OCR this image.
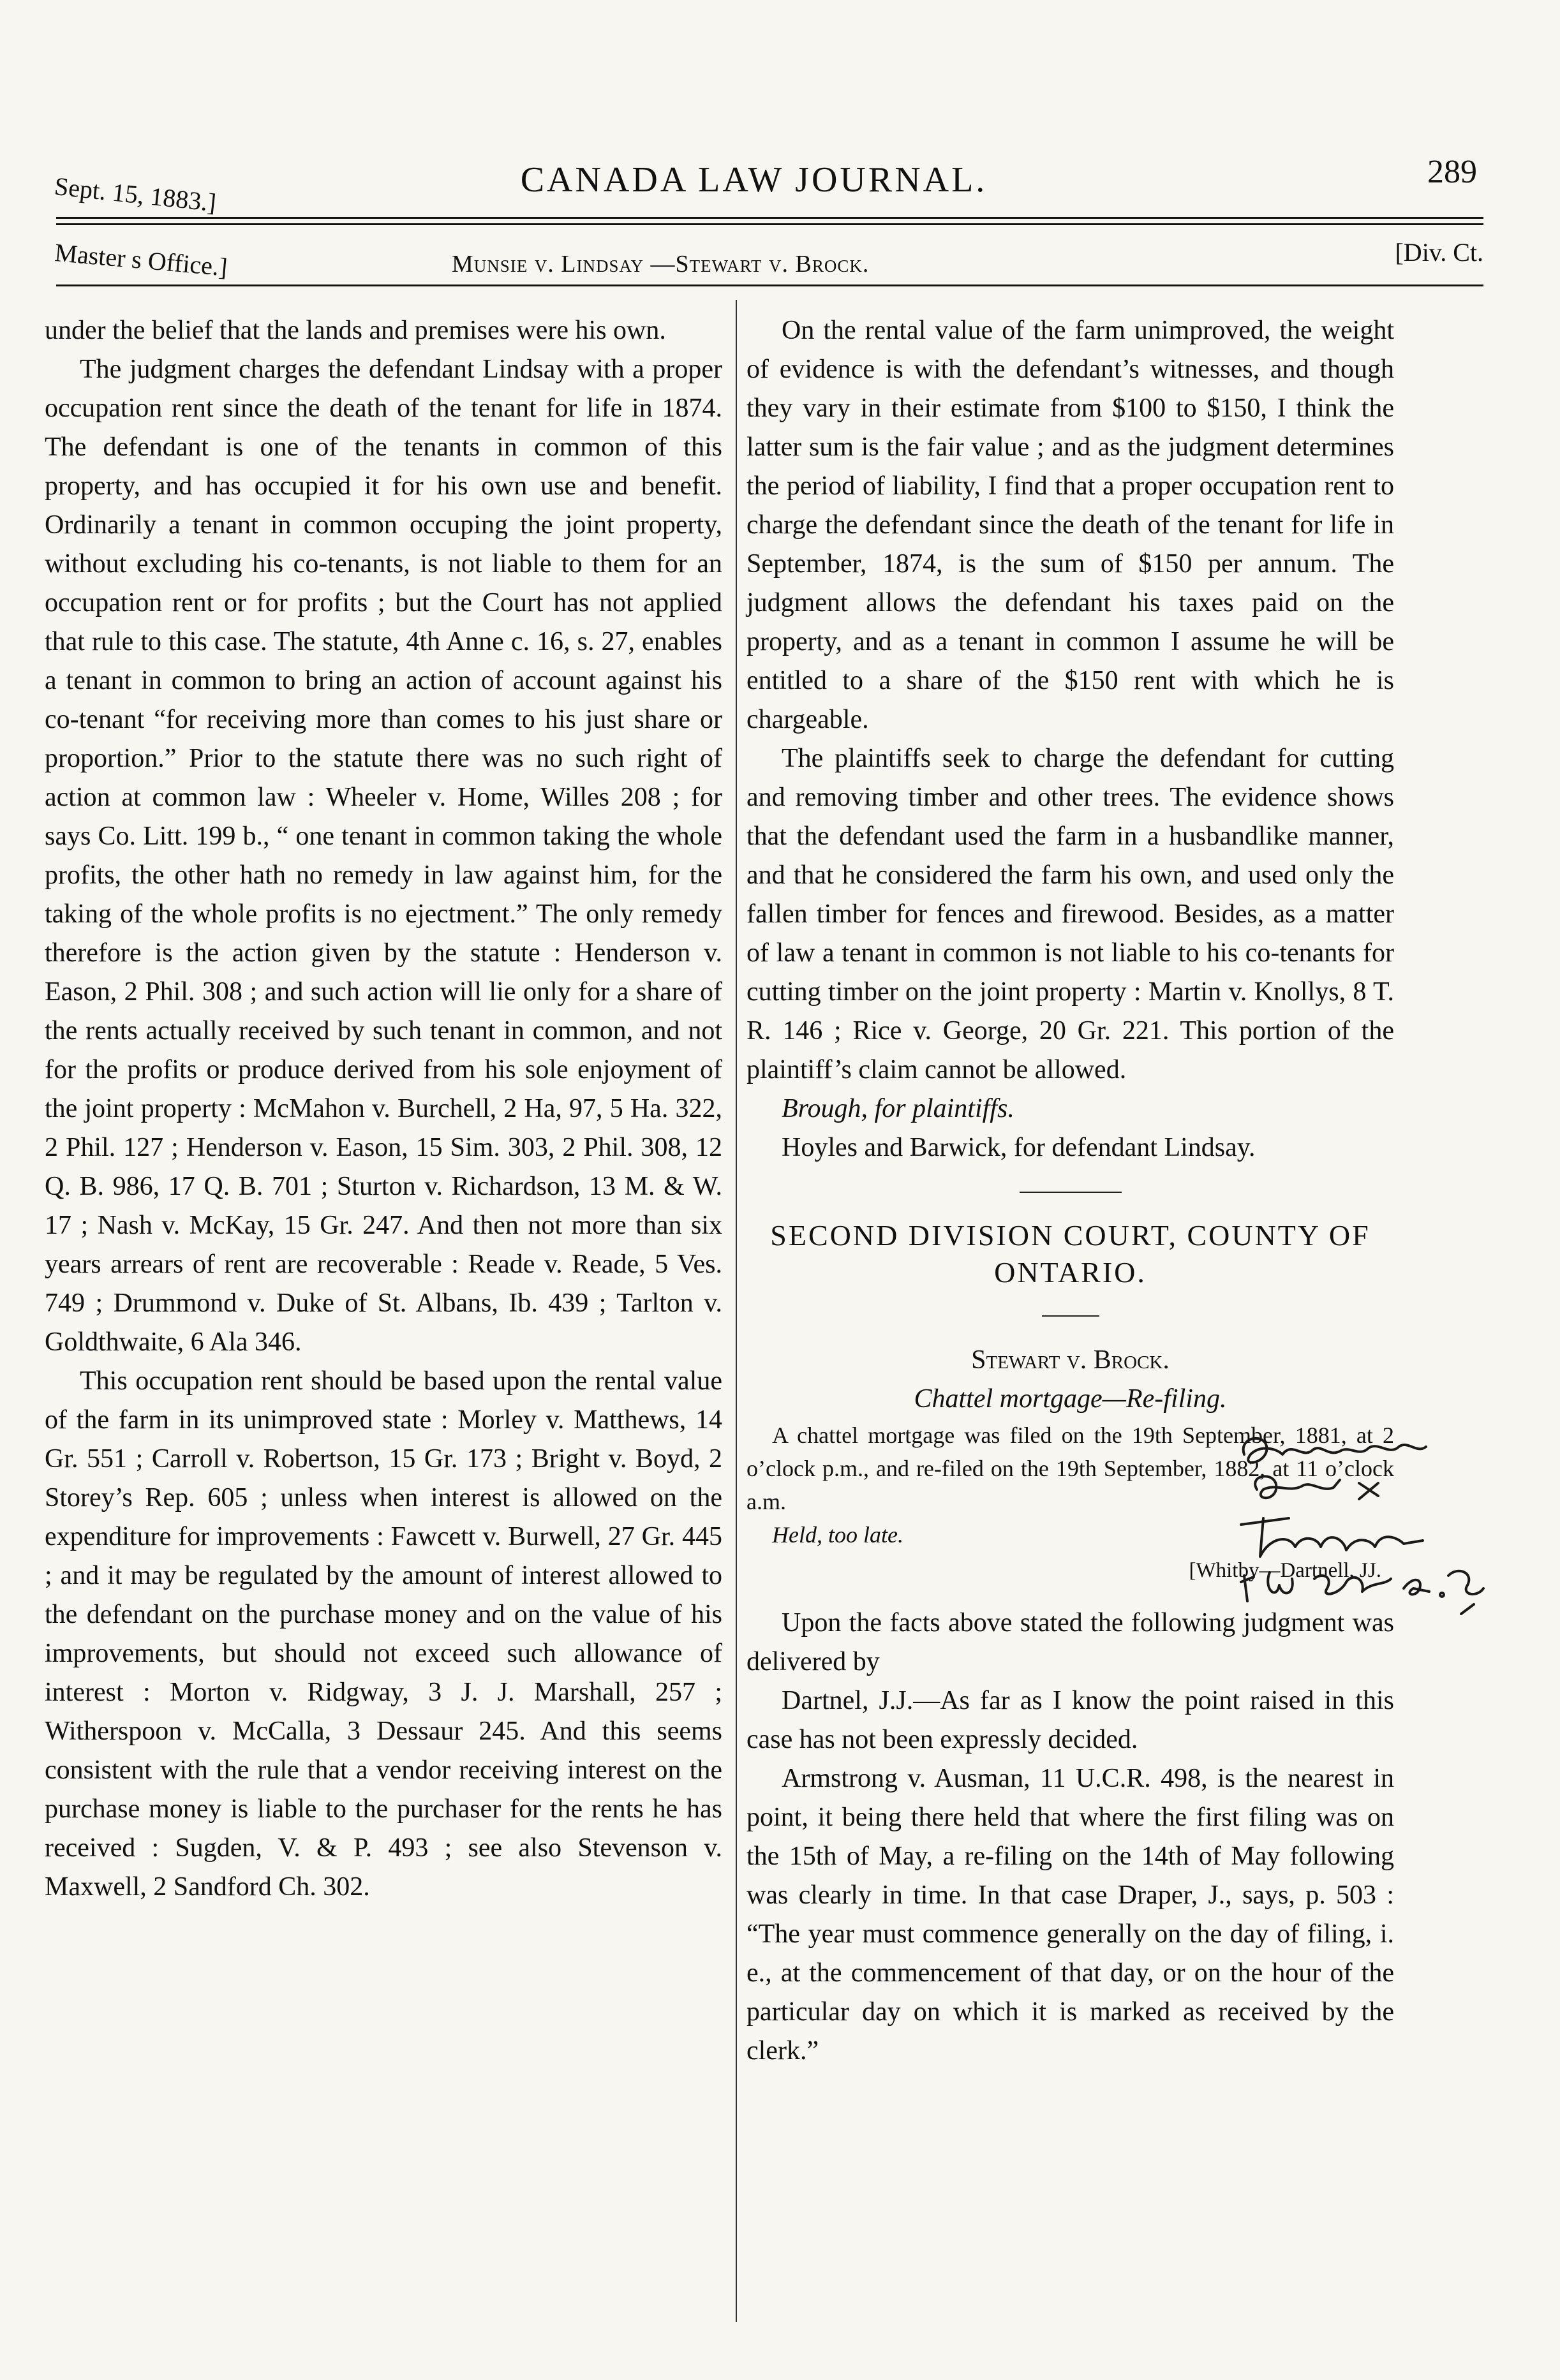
Sept. 15, 1883.]	CANADA LAW JOURNAL.	289
Master s Office.]	Munsie v. Lindsay —Stewart v. Brock.	[Div. Ct.

under the belief that the lands and premises were his own.

The judgment charges the defendant Lindsay with a proper occupation rent since the death of the tenant for life in 1874. The defendant is one of the tenants in common of this property, and has occupied it for his own use and benefit. Ordinarily a tenant in common occuping the joint property, without excluding his co-tenants, is not liable to them for an occupation rent or for profits ; but the Court has not applied that rule to this case. The statute, 4th Anne c. 16, s. 27, enables a tenant in common to bring an action of account against his co-tenant “for receiving more than comes to his just share or proportion.” Prior to the statute there was no such right of action at common law : Wheeler v. Home, Willes 208 ; for says Co. Litt. 199 b., “ one tenant in common taking the whole profits, the other hath no remedy in law against him, for the taking of the whole profits is no ejectment.” The only remedy therefore is the action given by the statute : Henderson v. Eason, 2 Phil. 308 ; and such action will lie only for a share of the rents actually received by such tenant in common, and not for the profits or produce derived from his sole enjoyment of the joint property : McMahon v. Burchell, 2 Ha, 97, 5 Ha. 322, 2 Phil. 127 ; Henderson v. Eason, 15 Sim. 303, 2 Phil. 308, 12 Q. B. 986, 17 Q. B. 701 ; Sturton v. Richardson, 13 M. & W. 17 ; Nash v. McKay, 15 Gr. 247. And then not more than six years arrears of rent are recoverable : Reade v. Reade, 5 Ves. 749 ; Drummond v. Duke of St. Albans, Ib. 439 ; Tarlton v. Goldthwaite, 6 Ala 346.

This occupation rent should be based upon the rental value of the farm in its unimproved state : Morley v. Matthews, 14 Gr. 551 ; Carroll v. Robertson, 15 Gr. 173 ; Bright v. Boyd, 2 Storey’s Rep. 605 ; unless when interest is allowed on the expenditure for improvements : Fawcett v. Burwell, 27 Gr. 445 ; and it may be regulated by the amount of interest allowed to the defendant on the purchase money and on the value of his improvements, but should not exceed such allowance of interest : Morton v. Ridgway, 3 J. J. Marshall, 257 ; Witherspoon v. McCalla, 3 Dessaur 245. And this seems consistent with the rule that a vendor receiving interest on the purchase money is liable to the purchaser for the rents he has received : Sugden, V. & P. 493 ; see also Stevenson v. Maxwell, 2 Sandford Ch. 302.

On the rental value of the farm unimproved, the weight of evidence is with the defendant’s witnesses, and though they vary in their estimate from $100 to $150, I think the latter sum is the fair value ; and as the judgment determines the period of liability, I find that a proper occupation rent to charge the defendant since the death of the tenant for life in September, 1874, is the sum of $150 per annum. The judgment allows the defendant his taxes paid on the property, and as a tenant in common I assume he will be entitled to a share of the $150 rent with which he is chargeable.

The plaintiffs seek to charge the defendant for cutting and removing timber and other trees. The evidence shows that the defendant used the farm in a husbandlike manner, and that he considered the farm his own, and used only the fallen timber for fences and firewood. Besides, as a matter of law a tenant in common is not liable to his co-tenants for cutting timber on the joint property : Martin v. Knollys, 8 T. R. 146 ; Rice v. George, 20 Gr. 221. This portion of the plaintiff’s claim cannot be allowed.

Brough, for plaintiffs.

Hoyles and Barwick, for defendant Lindsay.

SECOND DIVISION COURT, COUNTY OF ONTARIO.
Stewart v. Brock.
Chattel mortgage—Re-filing.

A chattel mortgage was filed on the 19th September, 1881, at 2 o’clock p.m., and re-filed on the 19th September, 1882, at 11 o’clock a.m.

Held, too late.

[Whitby—Dartnell, JJ.

Upon the facts above stated the following judgment was delivered by

Dartnel, J.J.—As far as I know the point raised in this case has not been expressly decided.

Armstrong v. Ausman, 11 U.C.R. 498, is the nearest in point, it being there held that where the first filing was on the 15th of May, a re-filing on the 14th of May following was clearly in time. In that case Draper, J., says, p. 503 : “The year must commence generally on the day of filing, i. e., at the commencement of that day, or on the hour of the particular day on which it is marked as received by the clerk.”
